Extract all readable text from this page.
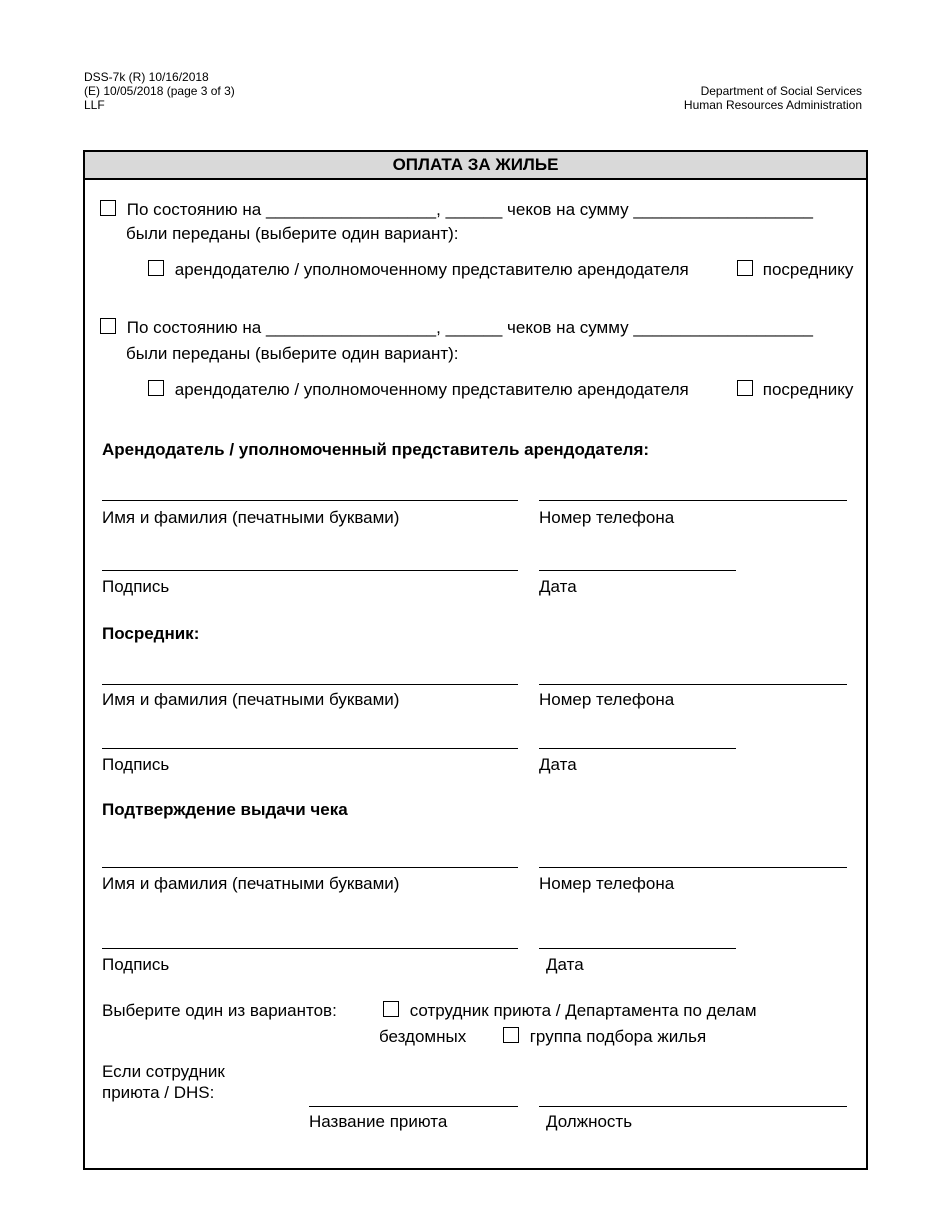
DSS-7k (R) 10/16/2018
(E) 10/05/2018 (page 3 of 3)
LLF
Department of Social Services
Human Resources Administration
ОПЛАТА ЗА ЖИЛЬЕ
По состоянию на __________________, ______ чеков на сумму ___________________
были переданы (выберите один вариант):
арендодателю / уполномоченному представителю арендодателя	посреднику
По состоянию на __________________, ______ чеков на сумму ___________________
были переданы (выберите один вариант):
арендодателю / уполномоченному представителю арендодателя	посреднику
Арендодатель / уполномоченный представитель арендодателя:
Имя и фамилия (печатными буквами)	Номер телефона
Подпись	Дата
Посредник:
Имя и фамилия (печатными буквами)	Номер телефона
Подпись	Дата
Подтверждение выдачи чека
Имя и фамилия (печатными буквами)	Номер телефона
Подпись	Дата
Выберите один из вариантов:	сотрудник приюта / Департамента по делам
бездомных	группа подбора жилья
Если сотрудник
приюта / DHS:
Название приюта	Должность
